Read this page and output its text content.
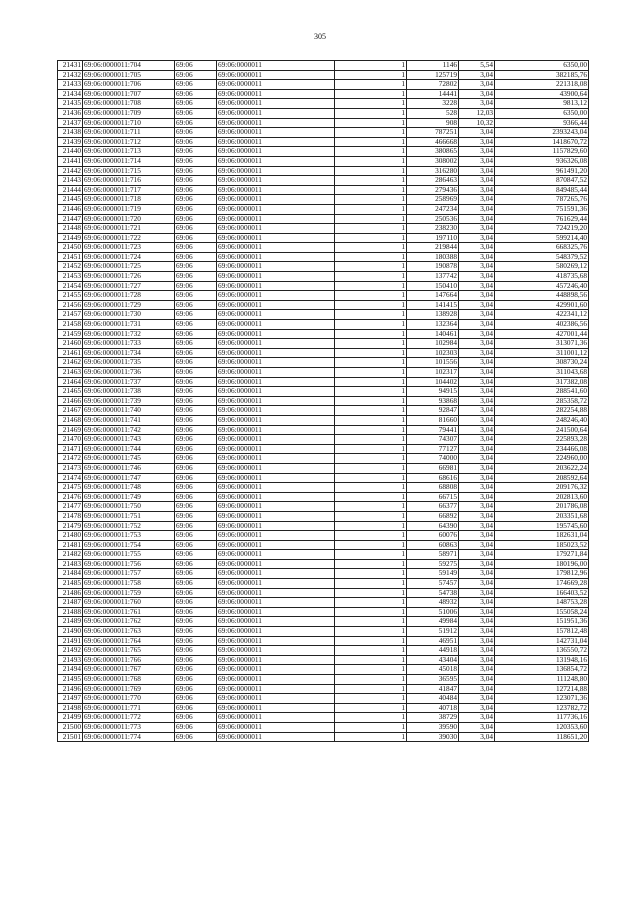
305
21431	69:06:0000011:704	69:06	69:06:0000011	1	1146	5,54	6350,00
21432	69:06:0000011:705	69:06	69:06:0000011	1	125719	3,04	382185,76
21433	69:06:0000011:706	69:06	69:06:0000011	1	72802	3,04	221318,08
21434	69:06:0000011:707	69:06	69:06:0000011	1	14441	3,04	43900,64
21435	69:06:0000011:708	69:06	69:06:0000011	1	3228	3,04	9813,12
21436	69:06:0000011:709	69:06	69:06:0000011	1	528	12,03	6350,00
21437	69:06:0000011:710	69:06	69:06:0000011	1	908	10,32	9366,44
21438	69:06:0000011:711	69:06	69:06:0000011	1	787251	3,04	2393243,04
21439	69:06:0000011:712	69:06	69:06:0000011	1	466668	3,04	1418670,72
21440	69:06:0000011:713	69:06	69:06:0000011	1	380865	3,04	1157829,60
21441	69:06:0000011:714	69:06	69:06:0000011	1	308002	3,04	936326,08
21442	69:06:0000011:715	69:06	69:06:0000011	1	316280	3,04	961491,20
21443	69:06:0000011:716	69:06	69:06:0000011	1	286463	3,04	870847,52
21444	69:06:0000011:717	69:06	69:06:0000011	1	279436	3,04	849485,44
21445	69:06:0000011:718	69:06	69:06:0000011	1	258969	3,04	787265,76
21446	69:06:0000011:719	69:06	69:06:0000011	1	247234	3,04	751591,36
21447	69:06:0000011:720	69:06	69:06:0000011	1	250536	3,04	761629,44
21448	69:06:0000011:721	69:06	69:06:0000011	1	238230	3,04	724219,20
21449	69:06:0000011:722	69:06	69:06:0000011	1	197110	3,04	599214,40
21450	69:06:0000011:723	69:06	69:06:0000011	1	219844	3,04	668325,76
21451	69:06:0000011:724	69:06	69:06:0000011	1	180388	3,04	548379,52
21452	69:06:0000011:725	69:06	69:06:0000011	1	190878	3,04	580269,12
21453	69:06:0000011:726	69:06	69:06:0000011	1	137742	3,04	418735,68
21454	69:06:0000011:727	69:06	69:06:0000011	1	150410	3,04	457246,40
21455	69:06:0000011:728	69:06	69:06:0000011	1	147664	3,04	448898,56
21456	69:06:0000011:729	69:06	69:06:0000011	1	141415	3,04	429901,60
21457	69:06:0000011:730	69:06	69:06:0000011	1	138928	3,04	422341,12
21458	69:06:0000011:731	69:06	69:06:0000011	1	132364	3,04	402386,56
21459	69:06:0000011:732	69:06	69:06:0000011	1	140461	3,04	427001,44
21460	69:06:0000011:733	69:06	69:06:0000011	1	102984	3,04	313071,36
21461	69:06:0000011:734	69:06	69:06:0000011	1	102303	3,04	311001,12
21462	69:06:0000011:735	69:06	69:06:0000011	1	101556	3,04	308730,24
21463	69:06:0000011:736	69:06	69:06:0000011	1	102317	3,04	311043,68
21464	69:06:0000011:737	69:06	69:06:0000011	1	104402	3,04	317382,08
21465	69:06:0000011:738	69:06	69:06:0000011	1	94915	3,04	288541,60
21466	69:06:0000011:739	69:06	69:06:0000011	1	93868	3,04	285358,72
21467	69:06:0000011:740	69:06	69:06:0000011	1	92847	3,04	282254,88
21468	69:06:0000011:741	69:06	69:06:0000011	1	81660	3,04	248246,40
21469	69:06:0000011:742	69:06	69:06:0000011	1	79441	3,04	241500,64
21470	69:06:0000011:743	69:06	69:06:0000011	1	74307	3,04	225893,28
21471	69:06:0000011:744	69:06	69:06:0000011	1	77127	3,04	234466,08
21472	69:06:0000011:745	69:06	69:06:0000011	1	74000	3,04	224960,00
21473	69:06:0000011:746	69:06	69:06:0000011	1	66981	3,04	203622,24
21474	69:06:0000011:747	69:06	69:06:0000011	1	68616	3,04	208592,64
21475	69:06:0000011:748	69:06	69:06:0000011	1	68808	3,04	209176,32
21476	69:06:0000011:749	69:06	69:06:0000011	1	66715	3,04	202813,60
21477	69:06:0000011:750	69:06	69:06:0000011	1	66377	3,04	201786,08
21478	69:06:0000011:751	69:06	69:06:0000011	1	66892	3,04	203351,68
21479	69:06:0000011:752	69:06	69:06:0000011	1	64390	3,04	195745,60
21480	69:06:0000011:753	69:06	69:06:0000011	1	60076	3,04	182631,04
21481	69:06:0000011:754	69:06	69:06:0000011	1	60863	3,04	185023,52
21482	69:06:0000011:755	69:06	69:06:0000011	1	58971	3,04	179271,84
21483	69:06:0000011:756	69:06	69:06:0000011	1	59275	3,04	180196,00
21484	69:06:0000011:757	69:06	69:06:0000011	1	59149	3,04	179812,96
21485	69:06:0000011:758	69:06	69:06:0000011	1	57457	3,04	174669,28
21486	69:06:0000011:759	69:06	69:06:0000011	1	54738	3,04	166403,52
21487	69:06:0000011:760	69:06	69:06:0000011	1	48932	3,04	148753,28
21488	69:06:0000011:761	69:06	69:06:0000011	1	51006	3,04	155058,24
21489	69:06:0000011:762	69:06	69:06:0000011	1	49984	3,04	151951,36
21490	69:06:0000011:763	69:06	69:06:0000011	1	51912	3,04	157812,48
21491	69:06:0000011:764	69:06	69:06:0000011	1	46951	3,04	142731,04
21492	69:06:0000011:765	69:06	69:06:0000011	1	44918	3,04	136550,72
21493	69:06:0000011:766	69:06	69:06:0000011	1	43404	3,04	131948,16
21494	69:06:0000011:767	69:06	69:06:0000011	1	45018	3,04	136854,72
21495	69:06:0000011:768	69:06	69:06:0000011	1	36595	3,04	111248,80
21496	69:06:0000011:769	69:06	69:06:0000011	1	41847	3,04	127214,88
21497	69:06:0000011:770	69:06	69:06:0000011	1	40484	3,04	123071,36
21498	69:06:0000011:771	69:06	69:06:0000011	1	40718	3,04	123782,72
21499	69:06:0000011:772	69:06	69:06:0000011	1	38729	3,04	117736,16
21500	69:06:0000011:773	69:06	69:06:0000011	1	39590	3,04	120353,60
21501	69:06:0000011:774	69:06	69:06:0000011	1	39030	3,04	118651,20
